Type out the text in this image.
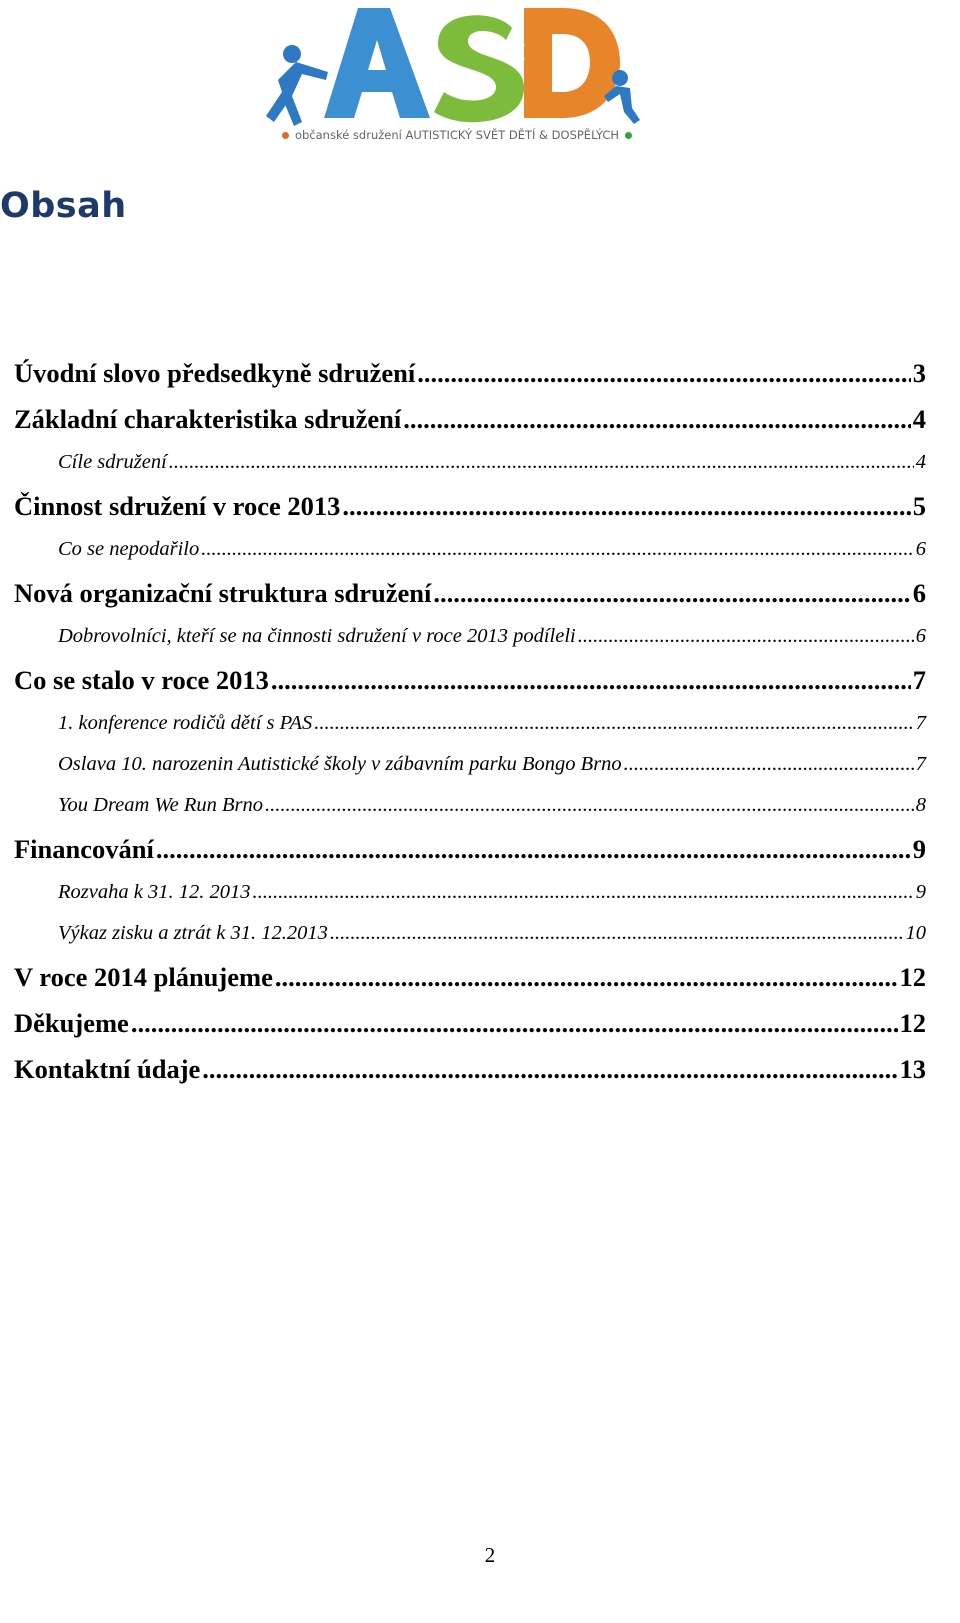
občanské sdružení AUTISTICKÝ SVĚT DĚTÍ & DOSPĚLÝCH
Obsah
Úvodní slovo předsedkyně sdružení .....	3
Základní charakteristika sdružení .....	4
Cíle sdružení .....	4
Činnost sdružení v roce 2013 .....	5
Co se nepodařilo .....	6
Nová organizační struktura sdružení .....	6
Dobrovolníci, kteří se na činnosti sdružení v roce 2013 podíleli .....	6
Co se stalo v roce 2013 .....	7
1. konference rodičů dětí s PAS .....	7
Oslava 10. narozenin Autistické školy v zábavním parku Bongo Brno .....	7
You Dream We Run Brno .....	8
Financování .....	9
Rozvaha k 31. 12. 2013 .....	9
Výkaz zisku a ztrát k 31. 12.2013 .....	10
V roce 2014 plánujeme .....	12
Děkujeme .....	12
Kontaktní údaje .....	13
2
